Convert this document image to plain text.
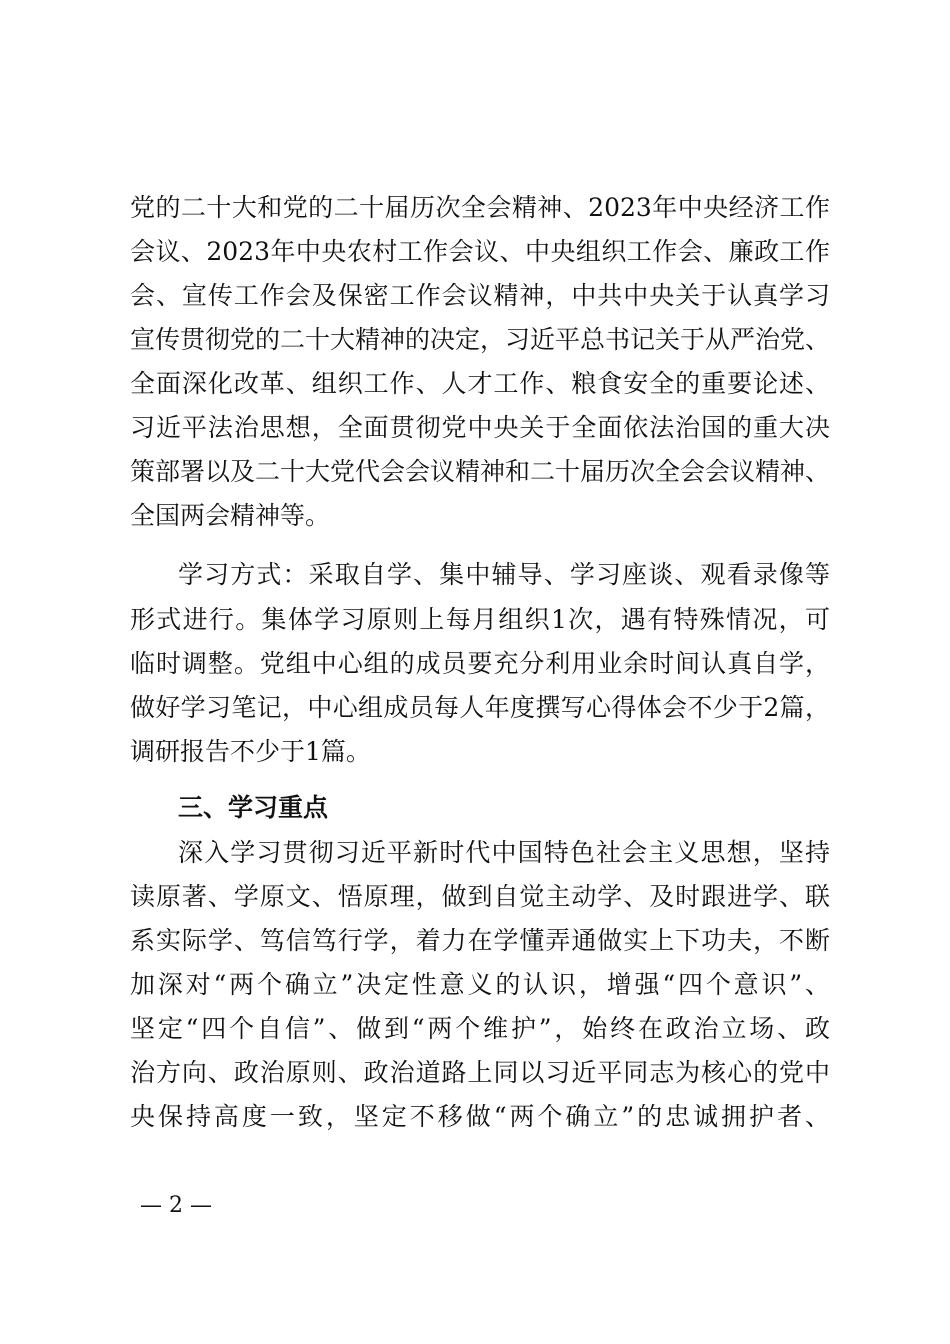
党的二十大和党的二十届历次全会精神、2023年中央经济工作
会议、2023年中央农村工作会议、中央组织工作会、廉政工作
会、宣传工作会及保密工作会议精神，中共中央关于认真学习
宣传贯彻党的二十大精神的决定，习近平总书记关于从严治党、
全面深化改革、组织工作、人才工作、粮食安全的重要论述、
习近平法治思想，全面贯彻党中央关于全面依法治国的重大决
策部署以及二十大党代会会议精神和二十届历次全会会议精神、
全国两会精神等。
学习方式：采取自学、集中辅导、学习座谈、观看录像等
形式进行。集体学习原则上每月组织1次，遇有特殊情况，可
临时调整。党组中心组的成员要充分利用业余时间认真自学，
做好学习笔记，中心组成员每人年度撰写心得体会不少于2篇，
调研报告不少于1篇。
三、学习重点
深入学习贯彻习近平新时代中国特色社会主义思想，坚持
读原著、学原文、悟原理，做到自觉主动学、及时跟进学、联
系实际学、笃信笃行学，着力在学懂弄通做实上下功夫，不断
加深对“两个确立”决定性意义的认识，增强“四个意识”、
坚定“四个自信”、做到“两个维护”，始终在政治立场、政
治方向、政治原则、政治道路上同以习近平同志为核心的党中
央保持高度一致，坚定不移做“两个确立”的忠诚拥护者、
— 2 —
